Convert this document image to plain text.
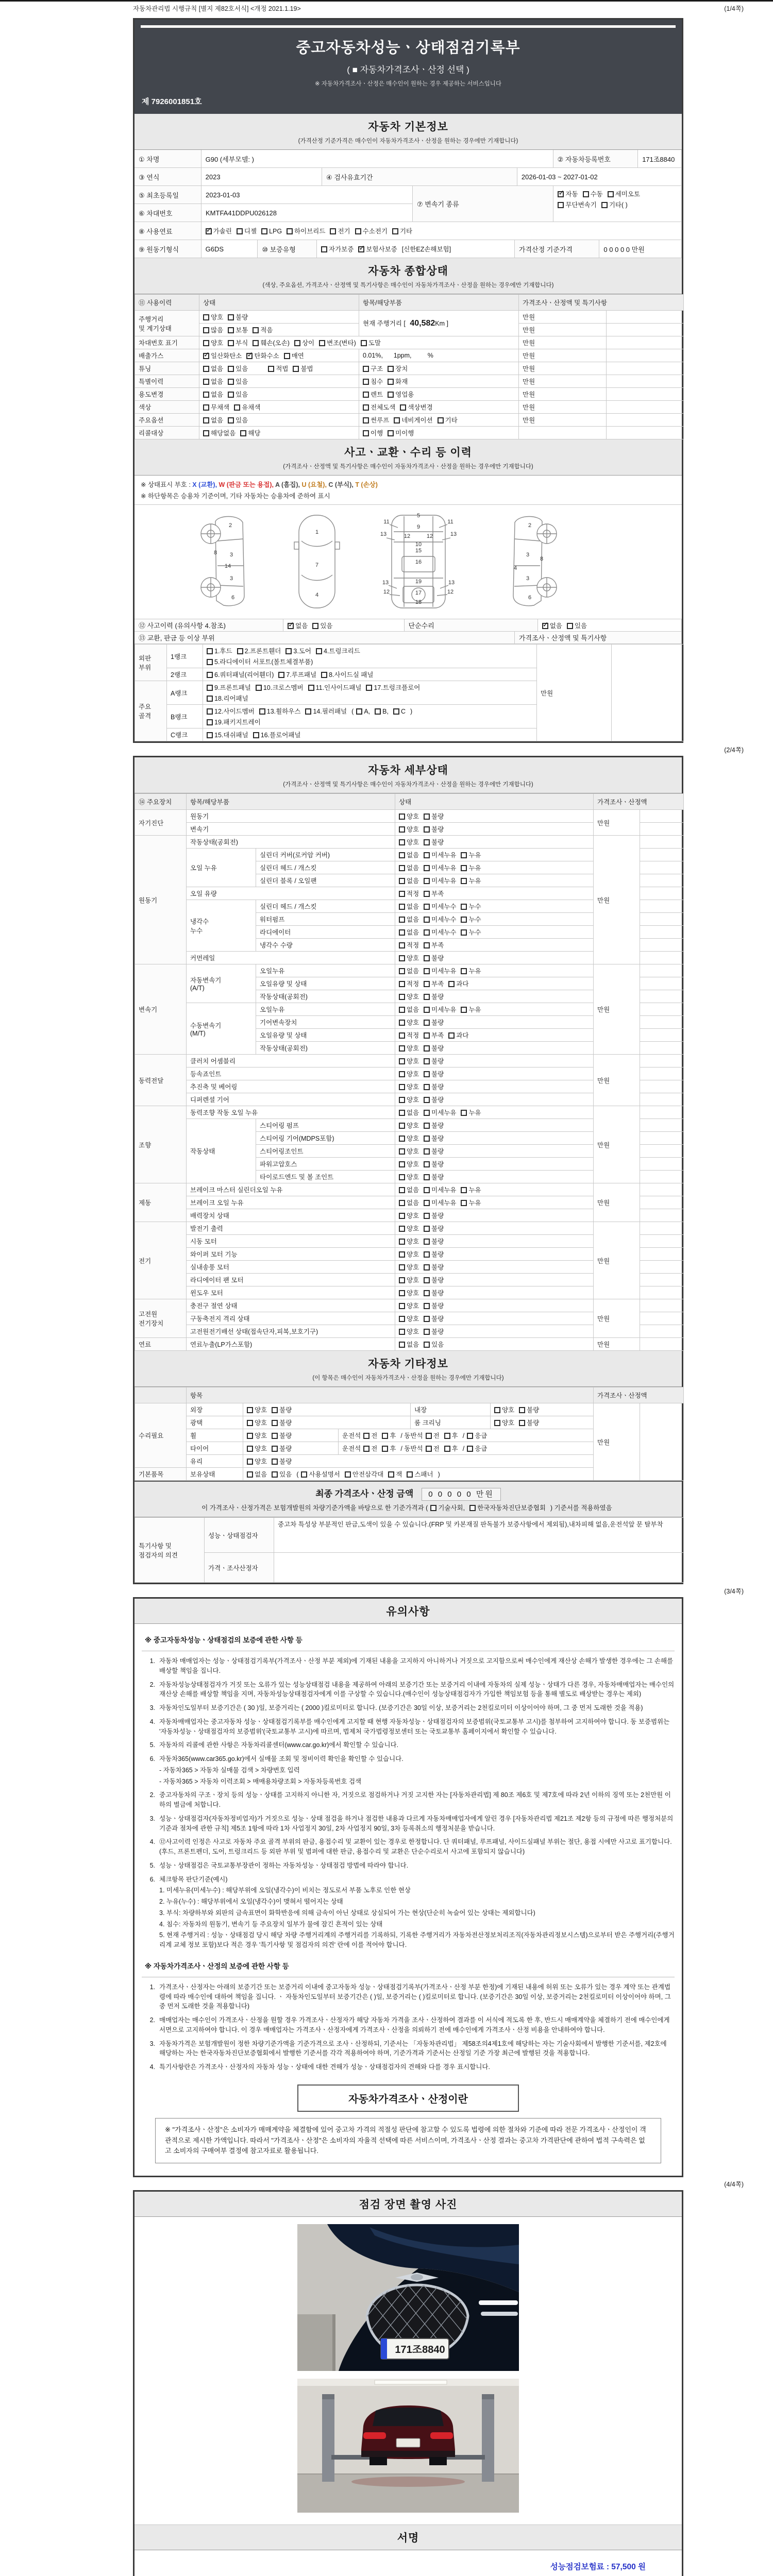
자동차관리법 시행규칙 [별지 제82호서식] <개정 2021.1.19>	(1/4쪽)
중고자동차성능ㆍ상태점검기록부
( ■ 자동차가격조사ㆍ산정 선택 )
※ 자동차가격조사ㆍ산정은 매수인이 원하는 경우 제공하는 서비스입니다
제 7926001851호
자동차 기본정보
(가격산정 기준가격은 매수인이 자동차가격조사ㆍ산정을 원하는 경우에만 기재합니다)
① 차명	G90 (세부모델: )	② 자동차등록번호	171조8840
③ 연식	2023	④ 검사유효기간	2026-01-03 ~ 2027-01-02
⑤ 최초등록일	2023-01-03
⑥ 차대번호	KMTFA41DDPU026128
⑦ 변속기 종류
✓자동 수동 세미오토
무단변속기 기타( )
⑧ 사용연료 ✓	가솔린	디젤	LPG	하이브리드	전기	수소전기	기타
⑨ 원동기형식	G6DS	⑩ 보증유형	자가보증 ✓	보험사보증 [신한EZ손해보험]	가격산정 기준가격	0 0 0 0 0 만원
자동차 종합상태
(색상, 주요옵션, 가격조사ㆍ산정액 및 특기사항은 매수인이 자동차가격조사ㆍ산정을 원하는 경우에만 기재합니다)
⑪ 사용이력	상태	항목/해당부품	가격조사ㆍ산정액 및 특기사항	
주행거리
및 계기상태	양호 불량	현재 주행거리 [ 40,582Km ]	만원	
	많음 보통 적음		만원	
차대번호 표기	양호 부식 훼손(오손) 상이 변조(변타) 도말		만원	
배출가스	✓일산화탄소 ✓ 탄화수소 매연	0.01%,      1ppm,         %	만원	
튜닝	없음 있음 적법 불법	구조 장치	만원	
특별이력	없음 있음	침수 화재	만원	
용도변경	없음 있음	렌트 영업용	만원	
색상	무채색 유채색	전체도색 색상변경	만원	
주요옵션	없음 있음	썬루프 네비게이션 기타	만원	
리콜대상	해당없음 해당	이행 미이행		
사고ㆍ교환ㆍ수리 등 이력
(가격조사ㆍ산정액 및 특기사항은 매수인이 자동차가격조사ㆍ산정을 원하는 경우에만 기재합니다)
※ 상태표시 부호 : X (교환), W (판금 또는 용접), A (흠집), U (요철), C (부식), T (손상)
※ 하단항목은 승용차 기준이며, 기타 자동차는 승용차에 준하여 표시
2
8 3
14
3
6
1
7
4
5
9
11	11
13	13
12	12
10
15
16
19
13	13
17
12	12
18
2
3
8
4
3
6
⑫ 사고이력 (유의사항 4.참조) ✓	없음	있음	단순수리 ✓	없음	있음
⑬ 교환, 판금 등 이상 부위	가격조사ㆍ산정액 및 특기사항
외판
부위	1랭크	1.후드 2.프론트휀더 3.도어 4.트렁크리드
5.라디에이터 서포트(볼트체결부품)	만원	
	2랭크	6.쿼터패널(리어휀더) 7.루프패널 8.사이드실 패널		
주요
골격	A랭크	9.프론트패널 10.크로스멤버 11.인사이드패널 17.트렁크플로어
18.리어패널		
	B랭크	12.사이드멤버 13.휠하우스 14.필러패널 ( A, B, C )
19.패키지트레이		
	C랭크	15.대쉬패널 16.플로어패널		
(2/4쪽)
자동차 세부상태
(가격조사ㆍ산정액 및 특기사항은 매수인이 자동차가격조사ㆍ산정을 원하는 경우에만 기재합니다)
⑭ 주요장치	항목/해당부품		상태	가격조사ㆍ산정액	
자기진단	원동기		양호 불량	만원	
	변속기		양호 불량		
원동기	작동상태(공회전)		양호 불량	만원	
	오일 누유	실린더 커버(로커암 커버)	없음 미세누유 누유		
		실린더 헤드 / 개스킷	없음 미세누유 누유		
		실린더 블록 / 오일팬	없음 미세누유 누유		
	오일 유량		적정 부족		
	냉각수
누수	실린더 헤드 / 개스킷	없음 미세누수 누수		
		워터펌프	없음 미세누수 누수		
		라디에이터	없음 미세누수 누수		
		냉각수 수량	적정 부족		
	커먼레일		양호 불량		
변속기	자동변속기
(A/T)	오일누유	없음 미세누유 누유	만원	
		오일유량 및 상태	적정 부족 과다		
		작동상태(공회전)	양호 불량		
	수동변속기
(M/T)	오일누유	없음 미세누유 누유		
		기어변속장치	양호 불량		
		오일유량 및 상태	적정 부족 과다		
		작동상태(공회전)	양호 불량		
동력전달	클러치 어셈블리		양호 불량	만원	
	등속죠인트		양호 불량		
	추진축 및 베어링		양호 불량		
	디퍼렌셜 기어		양호 불량		
조향	동력조향 작동 오일 누유		없음 미세누유 누유	만원	
	작동상태	스티어링 펌프	양호 불량		
		스티어링 기어(MDPS포함)	양호 불량		
		스티어링조인트	양호 불량		
		파워고압호스	양호 불량		
		타이로드엔드 및 볼 조인트	양호 불량		
제동	브레이크 마스터 실린더오일 누유		없음 미세누유 누유	만원	
	브레이크 오일 누유		없음 미세누유 누유		
	배력장치 상태		양호 불량		
전기	발전기 출력		양호 불량	만원	
	시동 모터		양호 불량		
	와이퍼 모터 기능		양호 불량		
	실내송풍 모터		양호 불량		
	라디에이터 팬 모터		양호 불량		
	윈도우 모터		양호 불량		
고전원
전기장치	충전구 절연 상태		양호 불량	만원	
	구동축전지 격리 상태		양호 불량		
	고전원전기배선 상태(접속단자,피복,보호기구)		양호 불량		
연료	연료누출(LP가스포함)		없음 있음	만원	
자동차 기타정보
(이 항목은 매수인이 자동차가격조사ㆍ산정을 원하는 경우에만 기재합니다)
	항목					가격조사ㆍ산정액	
수리필요	외장	양호 불량		내장	양호 불량	만원	
	광택	양호 불량		룸 크리닝	양호 불량		
	휠	양호 불량	운전석 전 후 / 동반석 전 후 / 응급				
	타이어	양호 불량	운전석 전 후 / 동반석 전 후 / 응급				
	유리	양호 불량					
기본품목	보유상태	없음 있음 ( 사용설명서 안전삼각대 잭 스패너 )					
최종 가격조사ㆍ산정 금액 0 0 0 0 0 만원
이 가격조사ㆍ산정가격은 보험개발원의 차량기준가액을 바탕으로 한 기준가격과 ( 기술사회, 한국자동차진단보증협회 ) 기준서를 적용하였음
특기사항 및
점검자의 의견	성능ㆍ상태점검자	중고차 특성상 부분적인 판금,도색이 있을 수 있습니다.(FRP 및 카본재질 판독불가 보증사항에서 제외됨),내차피해 없음,운전석앞 문 탈부착
	가격ㆍ조사산정자	
(3/4쪽)
유의사항
※ 중고자동차성능ㆍ상태점검의 보증에 관한 사항 등
1. 자동차 매매업자는 성능ㆍ상태점검기록부(가격조사ㆍ산정 부분 제외)에 기재된 내용을 고지하지 아니하거나 거짓으로 고지함으로써 매수인에게 재산상 손해가 발생한 경우에는 그 손해를 배상할 책임을 집니다.
2. 자동차성능상태점검자가 거짓 또는 오류가 있는 성능상태점검 내용을 제공하여 아래의 보증기간 또는 보증거리 이내에 자동차의 실제 성능ㆍ상태가 다른 경우, 자동차매매업자는 매수인의 재산상 손해를 배상할 책임을 지며, 자동차성능상태점검자에게 이를 구상할 수 있습니다.(매수인이 성능상태점검자가 가입한 책임보험 등을 통해 별도로 배상받는 경우는 제외)
3. 자동차인도일부터 보증기간은 ( 30 )일, 보증거리는 ( 2000 )킬로미터로 합니다. (보증기간은 30일 이상, 보증거리는 2천킬로미터 이상이어야 하며, 그 중 먼저 도래한 것을 적용)
4. 자동차매매업자는 중고자동차 성능ㆍ상태점검기록부를 매수인에게 고지할 때 현행 자동차성능ㆍ상태점검자의 보증범위(국토교통부 고시)를 첨부하여 고지하여야 합니다. 동 보증범위는 '자동차성능ㆍ상태점검자의 보증범위'(국토교통부 고시)에 따르며, 법제처 국가법령정보센터 또는 국토교통부 홈페이지에서 확인할 수 있습니다.
5. 자동차의 리콜에 관한 사항은 자동차리콜센터(www.car.go.kr)에서 확인할 수 있습니다.
6. 자동차365(www.car365.go.kr)에서 실매물 조회 및 정비이력 확인을 확인할 수 있습니다.
- 자동차365 > 자동차 실매물 검색 > 차량번호 입력
- 자동차365 > 자동차 이력조회 > 매매용차량조회 > 자동차등록번호 검색
2. 중고자동차의 구조ㆍ장치 등의 성능ㆍ상태를 고지하지 아니한 자, 거짓으로 점검하거나 거짓 고지한 자는 [자동차관리법] 제 80조 제6호 및 제7호에 따라 2년 이하의 징역 또는 2천만원 이하의 벌금에 처합니다.
3. 성능ㆍ상태점검자(자동차정비업자)가 거짓으로 성능ㆍ상태 점검을 하거나 점검한 내용과 다르게 자동차매매업자에게 알린 경우 [자동차관리법 제21조 제2항 등의 규정에 따른 행정처분의 기준과 절차에 관한 규칙] 제5조 1항에 따라 1차 사업정지 30일, 2차 사업정지 90일, 3차 등록취소의 행정처분을 받습니다.
4. ⑫사고이력 인정은 사고로 자동차 주요 골격 부위의 판금, 용접수리 및 교환이 있는 경우로 한정합니다. 단 쿼터패널, 루프패널, 사이드실패널 부위는 절단, 용접 시에만 사고로 표기합니다. (후드, 프론트펜더, 도어, 트렁크리드 등 외판 부위 및 범퍼에 대한 판금, 용접수리 및 교환은 단순수리로서 사고에 포함되지 않습니다)
5. 성능ㆍ상태점검은 국토교통부장관이 정하는 자동차성능ㆍ상태점검 방법에 따라야 합니다.
6. 체크항목 판단기준(예시)
1. 미세누유(미세누수) : 해당부위에 오일(냉각수)이 비치는 정도로서 부품 노후로 인한 현상
2. 누유(누수) : 해당부위에서 오일(냉각수)이 맺혀서 떨어지는 상태
3. 부식: 차량하부와 외판의 금속표면이 화학반응에 의해 금속이 아닌 상태로 상실되어 가는 현상(단순히 녹슬어 있는 상태는 제외합니다)
4. 침수: 자동차의 원동기, 변속기 등 주요장치 일부가 물에 잠긴 흔적이 있는 상태
5. 현재 주행거리 : 성능ㆍ상태점검 당시 해당 차량 주행거리계의 주행거리를 기록하되, 기록한 주행거리가 자동차전산정보처리조직(자동차관리정보시스템)으로부터 받은 주행거리(주행거리계 교체 정보 포함)보다 적은 경우 '특기사항 및 점검자의 의견' 란에 이를 적어야 합니다.
※ 자동차가격조사ㆍ산정의 보증에 관한 사항 등
1. 가격조사ㆍ산정자는 아래의 보증기간 또는 보증거리 이내에 중고자동차 성능ㆍ상태점검기록부(가격조사ㆍ산정 부분 한정)에 기재된 내용에 허위 또는 오류가 있는 경우 계약 또는 관계법령에 따라 매수인에 대하여 책임을 집니다. ㆍ 자동차인도일부터 보증기간은 ( )일, 보증거리는 ( )킬로미터로 합니다. (보증기간은 30일 이상, 보증거리는 2천킬로미터 이상이어야 하며, 그 중 먼저 도래한 것을 적용합니다)
2. 매매업자는 매수인이 가격조사ㆍ산정을 원할 경우 가격조사ㆍ산정자가 해당 자동차 가격을 조사ㆍ산정하여 결과를 이 서식에 적도록 한 후, 반드시 매매계약을 체결하기 전에 매수인에게 서면으로 고지하여야 합니다. 이 경우 매매업자는 가격조사ㆍ산정자에게 가격조사ㆍ산정을 의뢰하기 전에 매수인에게 가격조사ㆍ산정 비용을 안내하여야 합니다.
3. 자동차가격은 보험개발원이 정한 차량기준가액을 기준가격으로 조사ㆍ산정하되, 기준서는 「자동차관리법」 제58조의4제1호에 해당하는 자는 기술사회에서 발행한 기준서를, 제2호에 해당하는 자는 한국자동차진단보증협회에서 발행한 기준서를 각각 적용하여야 하며, 기준가격과 기준서는 산정일 기준 가장 최근에 발행된 것을 적용합니다.
4. 특기사항란은 가격조사ㆍ산정자의 자동차 성능ㆍ상태에 대한 견해가 성능ㆍ상태점검자의 견해와 다를 경우 표시합니다.
자동차가격조사ㆍ산정이란
※ "가격조사ㆍ산정"은 소비자가 매매계약을 체결함에 있어 중고차 가격의 적절성 판단에 참고할 수 있도록 법령에 의한 절차와 기준에 따라 전문 가격조사ㆍ산정인이 객관적으로 제시한 가액입니다. 따라서 "가격조사ㆍ산정"은 소비자의 자율적 선택에 따른 서비스이며, 가격조사ㆍ산정 결과는 중고차 가격판단에 관하여 법적 구속력은 없고 소비자의 구매여부 결정에 참고자료로 활용됩니다.
(4/4쪽)
점검 장면 촬영 사진
171조8840
서명
성능점검보험료 : 57,500 원
